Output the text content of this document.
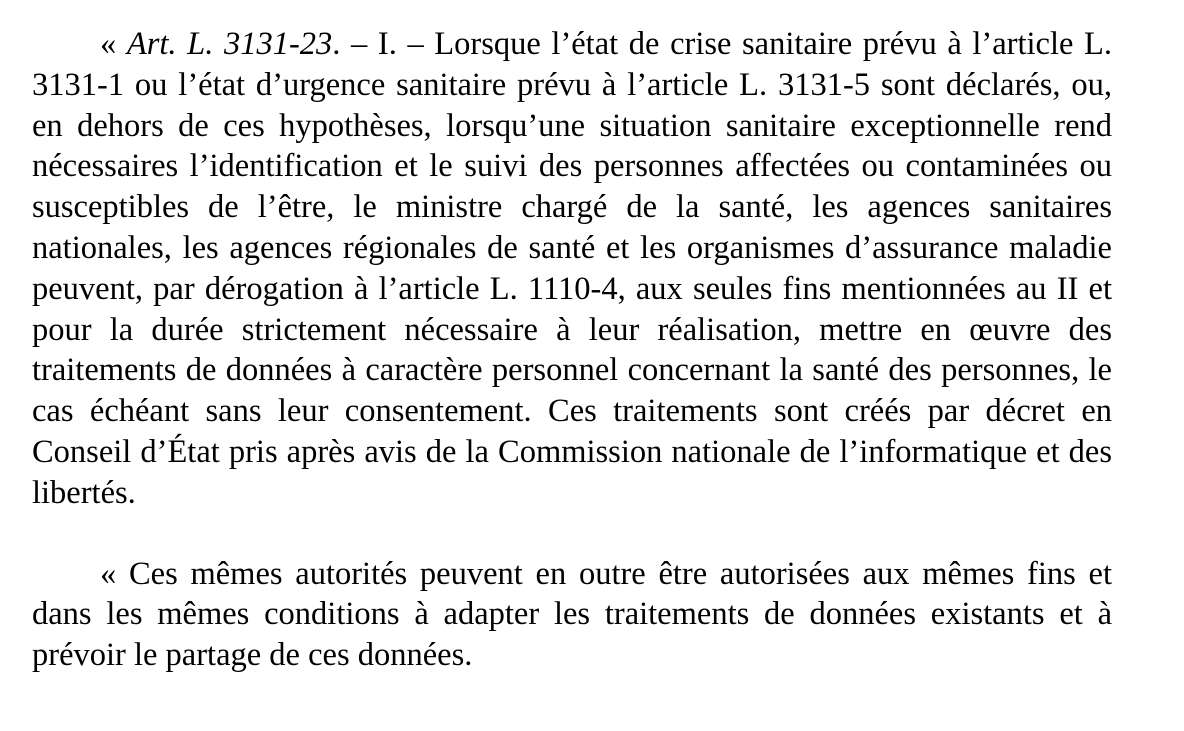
« Art. L. 3131-23. – I. – Lorsque l’état de crise sanitaire prévu à l’article L. 3131-1 ou l’état d’urgence sanitaire prévu à l’article L. 3131-5 sont déclarés, ou, en dehors de ces hypothèses, lorsqu’une situation sanitaire exceptionnelle rend nécessaires l’identification et le suivi des personnes affectées ou contaminées ou susceptibles de l’être, le ministre chargé de la santé, les agences sanitaires nationales, les agences régionales de santé et les organismes d’assurance maladie peuvent, par dérogation à l’article L. 1110-4, aux seules fins mentionnées au II et pour la durée strictement nécessaire à leur réalisation, mettre en œuvre des traitements de données à caractère personnel concernant la santé des personnes, le cas échéant sans leur consentement. Ces traitements sont créés par décret en Conseil d’État pris après avis de la Commission nationale de l’informatique et des libertés.

« Ces mêmes autorités peuvent en outre être autorisées aux mêmes fins et dans les mêmes conditions à adapter les traitements de données existants et à prévoir le partage de ces données.
